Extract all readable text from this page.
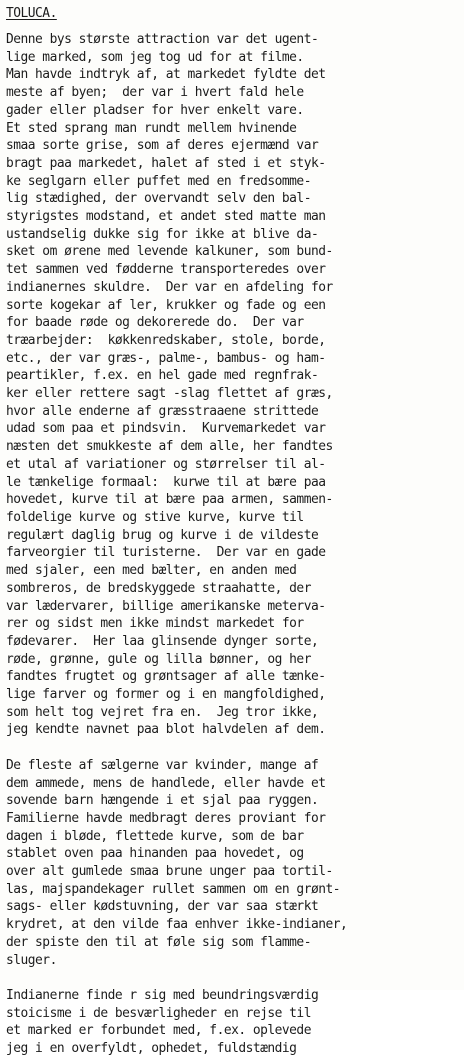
TOLUCA.
Denne bys største attraction var det ugent-
lige marked, som jeg tog ud for at filme.
Man havde indtryk af, at markedet fyldte det
meste af byen;  der var i hvert fald hele
gader eller pladser for hver enkelt vare.
Et sted sprang man rundt mellem hvinende
smaa sorte grise, som af deres ejermænd var
bragt paa markedet, halet af sted i et styk-
ke seglgarn eller puffet med en fredsomme-
lig stædighed, der overvandt selv den bal-
styrigstes modstand, et andet sted matte man
ustandselig dukke sig for ikke at blive da-
sket om ørene med levende kalkuner, som bund-
tet sammen ved fødderne transporteredes over
indianernes skuldre.  Der var en afdeling for
sorte kogekar af ler, krukker og fade og een
for baade røde og dekorerede do.  Der var
træarbejder:  køkkenredskaber, stole, borde,
etc., der var græs-, palme-, bambus- og ham-
peartikler, f.ex. en hel gade med regnfrak-
ker eller rettere sagt -slag flettet af græs,
hvor alle enderne af græsstraaene strittede
udad som paa et pindsvin.  Kurvemarkedet var
næsten det smukkeste af dem alle, her fandtes
et utal af variationer og størrelser til al-
le tænkelige formaal:  kurwe til at bære paa
hovedet, kurve til at bære paa armen, sammen-
foldelige kurve og stive kurve, kurve til
regulært daglig brug og kurve i de vildeste
farveorgier til turisterne.  Der var en gade
med sjaler, een med bælter, en anden med
sombreros, de bredskyggede straahatte, der
var lædervarer, billige amerikanske metervа-
rer og sidst men ikke mindst markedet for
fødevarer.  Her laa glinsende dynger sorte,
røde, grønne, gule og lilla bønner, og her
fandtes frugtet og grøntsager af alle tænke-
lige farver og former og i en mangfoldighed,
som helt tog vejret fra en.  Jeg tror ikke,
jeg kendte navnet paa blot halvdelen af dem.
De fleste af sælgerne var kvinder, mange af
dem ammede, mens de handlede, eller havde et
sovende barn hængende i et sjal paa ryggen.
Familierne havde medbragt deres proviant for
dagen i bløde, flettede kurve, som de bar
stablet oven paa hinanden paa hovedet, og
over alt gumlede smaa brune unger paa tortil-
las, majspandekager rullet sammen om en grønt-
sags- eller kødstuvning, der var saa stærkt
krydret, at den vilde faa enhver ikke-indianer,
der spiste den til at føle sig som flamme-
sluger.
Indianerne finde r sig med beundringsværdig
stoicisme i de besværligheder en rejse til
et marked er forbundet med, f.ex. oplevede
jeg i en overfyldt, ophedet, fuldstændig
